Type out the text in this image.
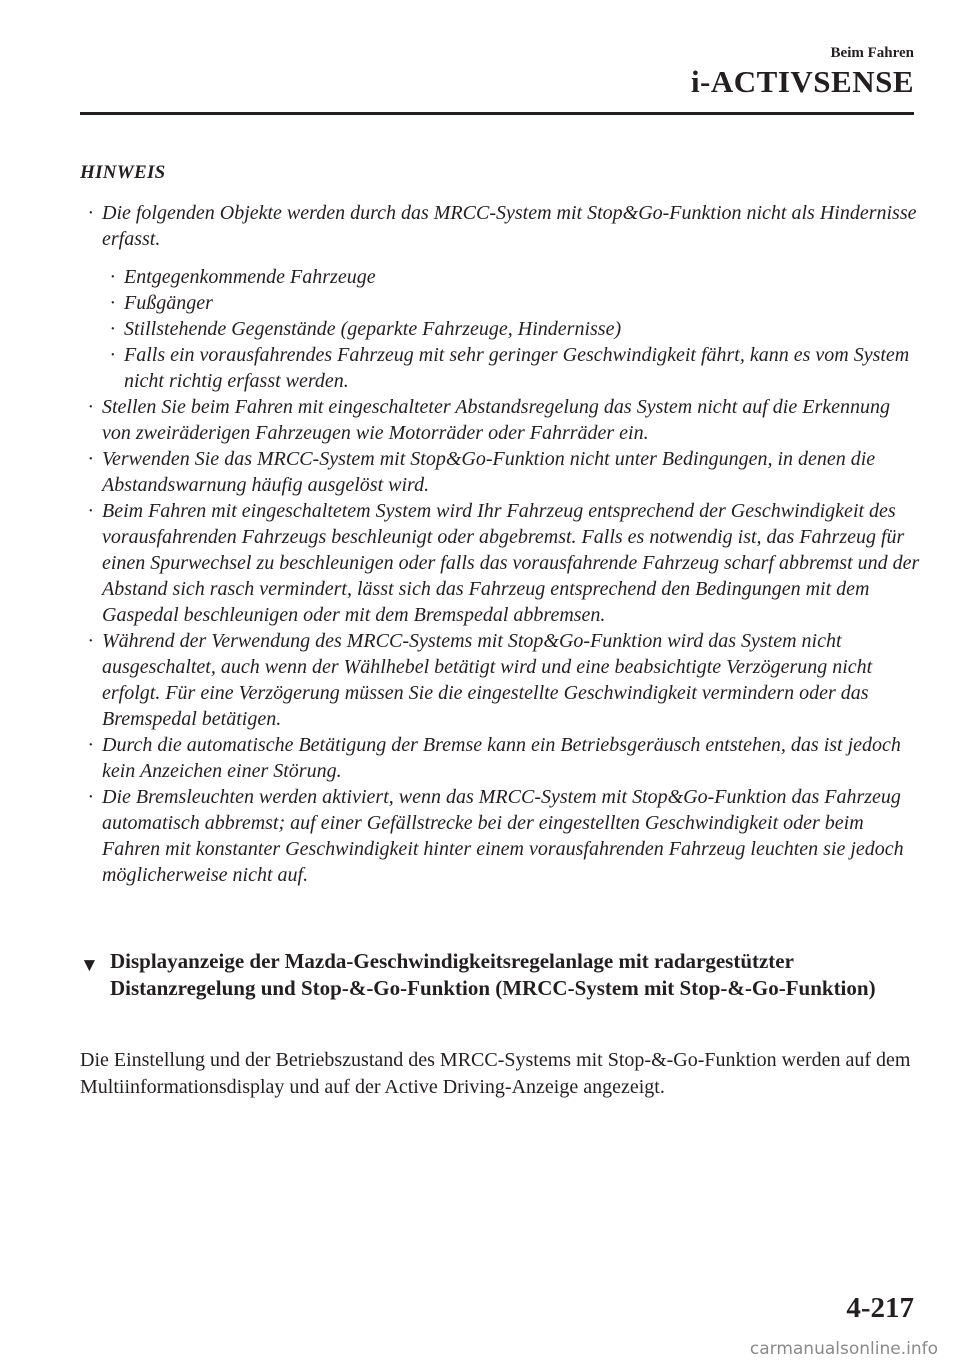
Beim Fahren
i-ACTIVSENSE
HINWEIS
· Die folgenden Objekte werden durch das MRCC-System mit Stop&Go-Funktion nicht als Hindernisse erfasst.
· Entgegenkommende Fahrzeuge
· Fußgänger
· Stillstehende Gegenstände (geparkte Fahrzeuge, Hindernisse)
· Falls ein vorausfahrendes Fahrzeug mit sehr geringer Geschwindigkeit fährt, kann es vom System nicht richtig erfasst werden.
· Stellen Sie beim Fahren mit eingeschalteter Abstandsregelung das System nicht auf die Erkennung von zweiräderigen Fahrzeugen wie Motorräder oder Fahrräder ein.
· Verwenden Sie das MRCC-System mit Stop&Go-Funktion nicht unter Bedingungen, in denen die Abstandswarnung häufig ausgelöst wird.
· Beim Fahren mit eingeschaltetem System wird Ihr Fahrzeug entsprechend der Geschwindigkeit des vorausfahrenden Fahrzeugs beschleunigt oder abgebremst. Falls es notwendig ist, das Fahrzeug für einen Spurwechsel zu beschleunigen oder falls das vorausfahrende Fahrzeug scharf abbremst und der Abstand sich rasch vermindert, lässt sich das Fahrzeug entsprechend den Bedingungen mit dem Gaspedal beschleunigen oder mit dem Bremspedal abbremsen.
· Während der Verwendung des MRCC-Systems mit Stop&Go-Funktion wird das System nicht ausgeschaltet, auch wenn der Wählhebel betätigt wird und eine beabsichtigte Verzögerung nicht erfolgt. Für eine Verzögerung müssen Sie die eingestellte Geschwindigkeit vermindern oder das Bremspedal betätigen.
· Durch die automatische Betätigung der Bremse kann ein Betriebsgeräusch entstehen, das ist jedoch kein Anzeichen einer Störung.
· Die Bremsleuchten werden aktiviert, wenn das MRCC-System mit Stop&Go-Funktion das Fahrzeug automatisch abbremst; auf einer Gefällstrecke bei der eingestellten Geschwindigkeit oder beim Fahren mit konstanter Geschwindigkeit hinter einem vorausfahrenden Fahrzeug leuchten sie jedoch möglicherweise nicht auf.
▼ Displayanzeige der Mazda-Geschwindigkeitsregelanlage mit radargestützter Distanzregelung und Stop-&-Go-Funktion (MRCC-System mit Stop-&-Go-Funktion)
Die Einstellung und der Betriebszustand des MRCC-Systems mit Stop-&-Go-Funktion werden auf dem Multiinformationsdisplay und auf der Active Driving-Anzeige angezeigt.
4-217
carmanualsonline.info
